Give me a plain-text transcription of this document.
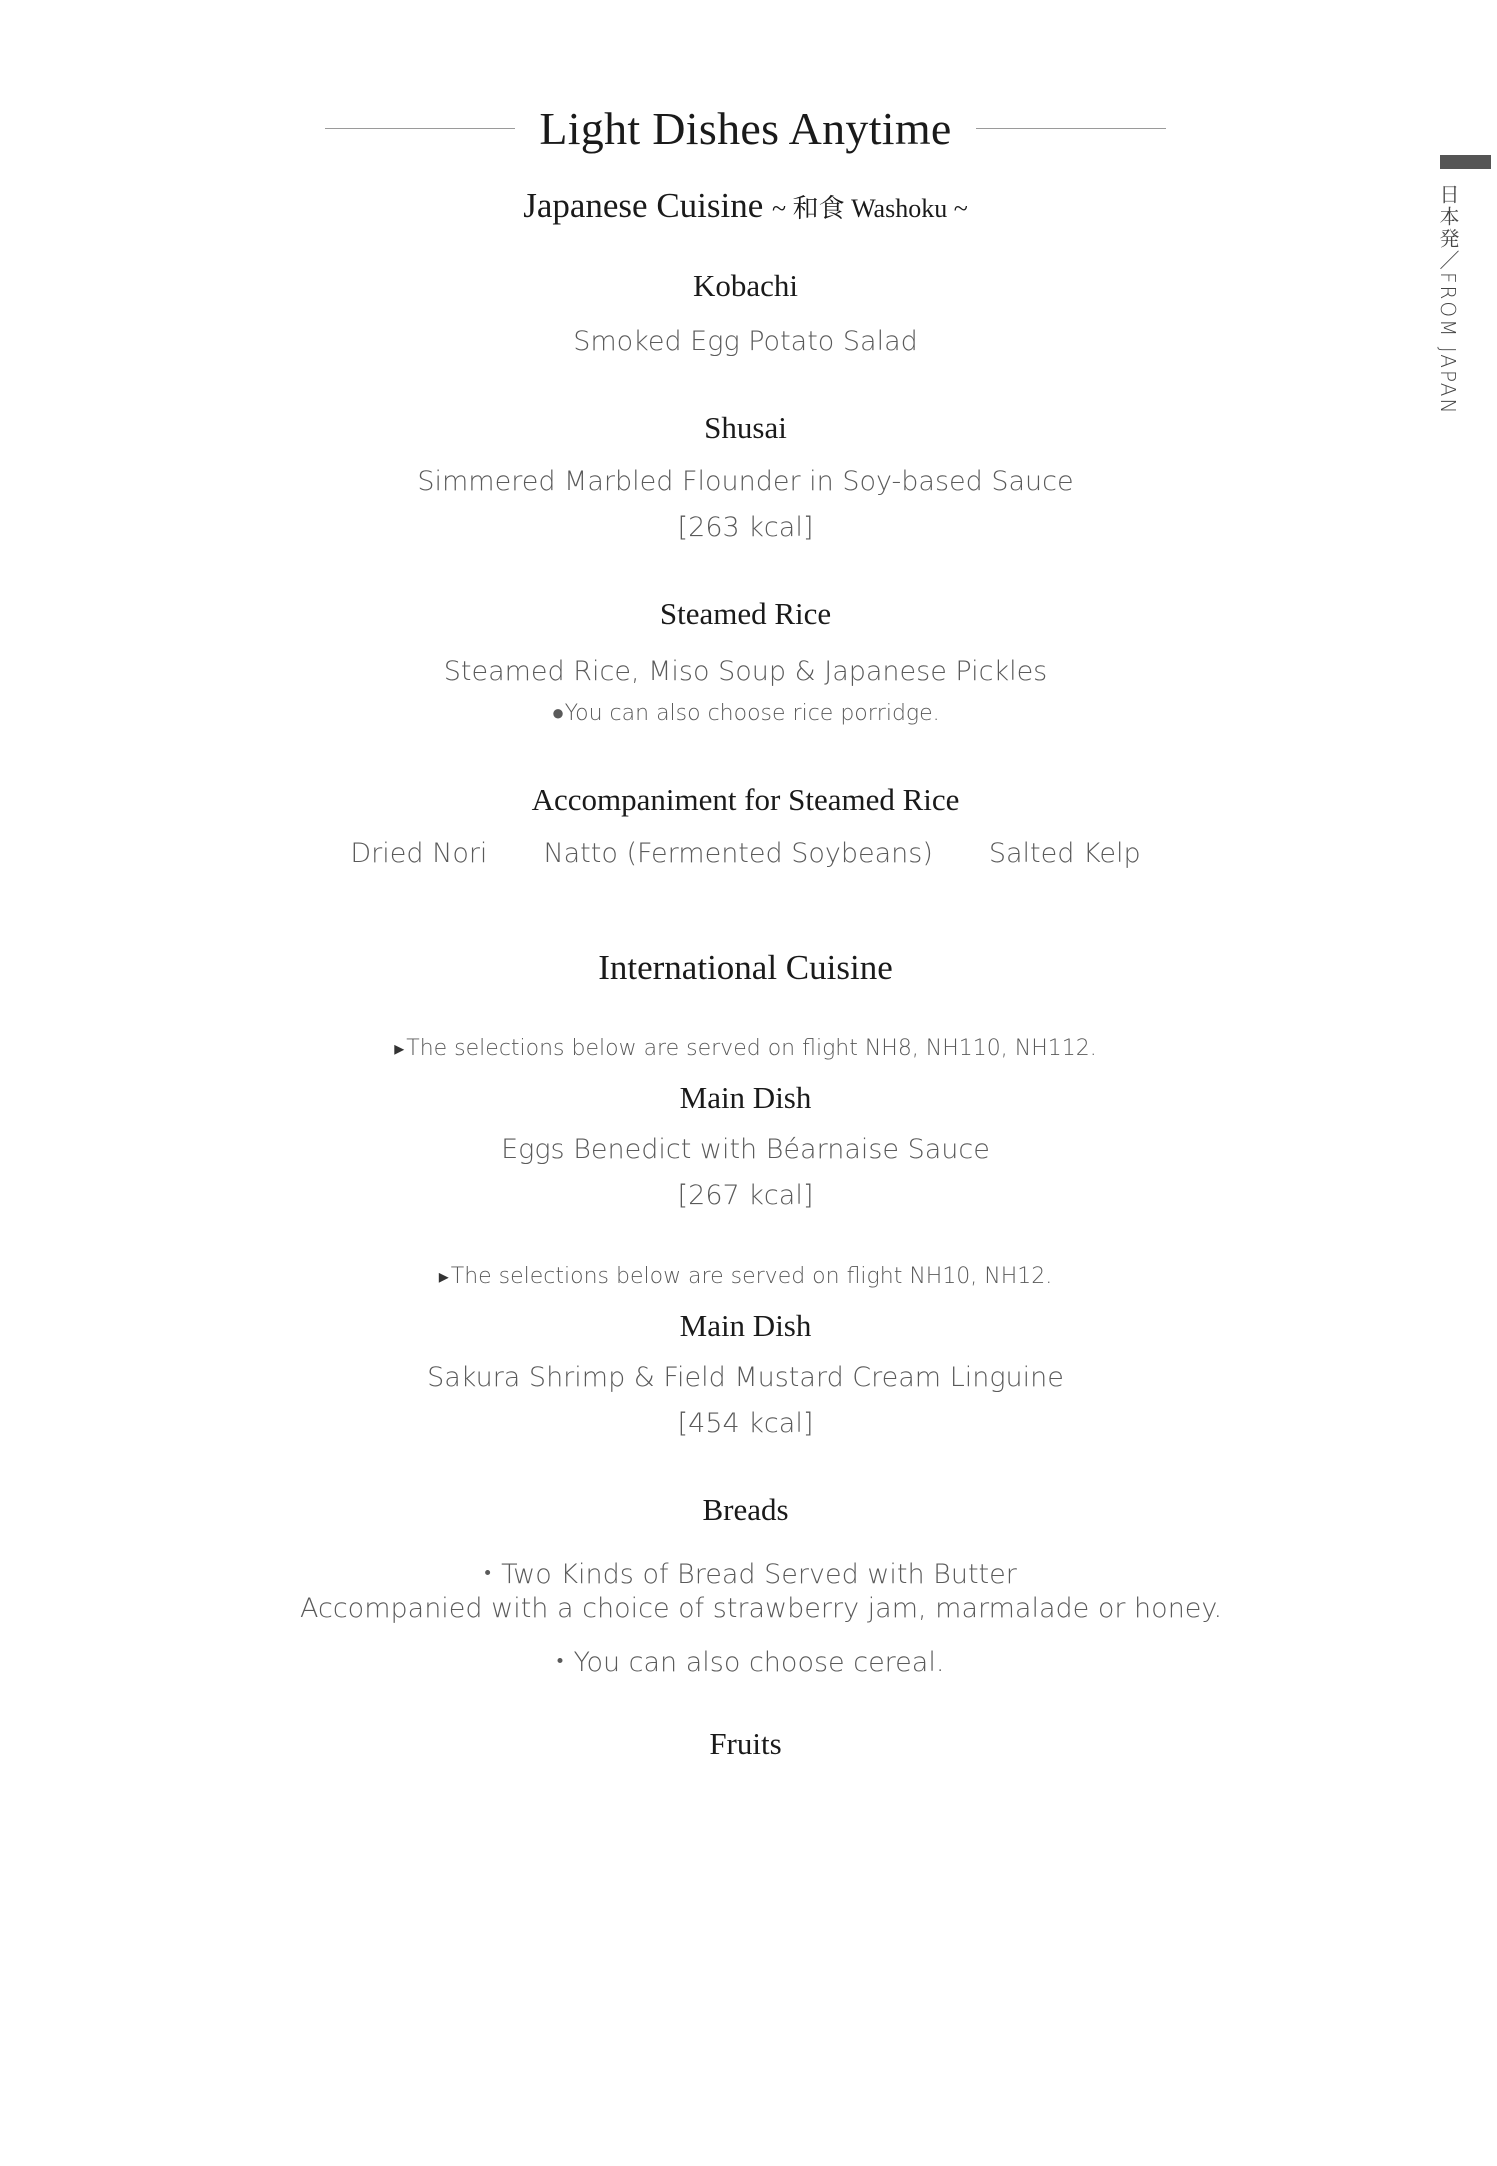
Light Dishes Anytime
日本発／FROM JAPAN
Japanese Cuisine ~ 和食 Washoku ~
Kobachi
Smoked Egg Potato Salad
Shusai
Simmered Marbled Flounder in Soy-based Sauce
[263 kcal]
Steamed Rice
Steamed Rice, Miso Soup & Japanese Pickles
●You can also choose rice porridge.
Accompaniment for Steamed Rice
Dried Nori Natto (Fermented Soybeans) Salted Kelp
International Cuisine
▸ The selections below are served on flight NH8, NH110, NH112.
Main Dish
Eggs Benedict with Béarnaise Sauce
[267 kcal]
▸ The selections below are served on flight NH10, NH12.
Main Dish
Sakura Shrimp & Field Mustard Cream Linguine
[454 kcal]
Breads
・Two Kinds of Bread Served with Butter
Accompanied with a choice of strawberry jam, marmalade or honey.
・You can also choose cereal.
Fruits
